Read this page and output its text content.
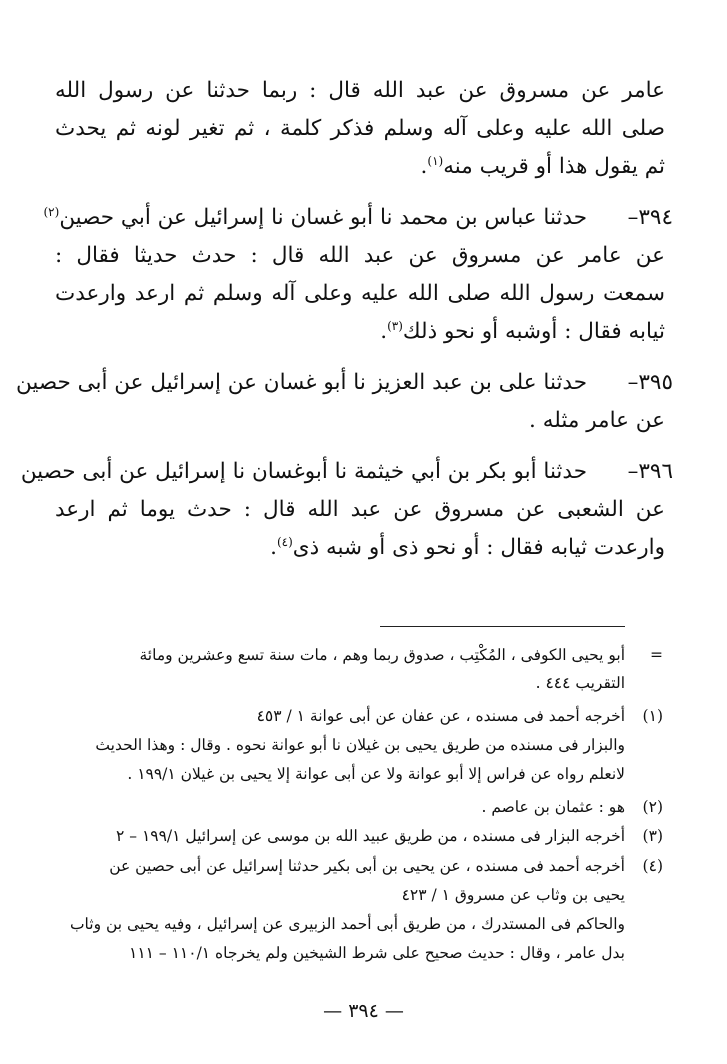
عامر عن مسروق عن عبد الله قال : ربما حدثنا عن رسول الله
صلى الله عليه وعلى آله وسلم فذكر كلمة ، ثم تغير لونه ثم يحدث
ثم يقول هذا أو قريب منه$^{(١)}$.
٣٩٤–
حدثنا عباس بن محمد نا أبو غسان نا إسرائيل عن أبي حصين$^{(٢)}$
عن عامر عن مسروق عن عبد الله قال : حدث حديثا فقال :
سمعت رسول الله صلى الله عليه وعلى آله وسلم ثم ارعد وارعدت
ثيابه فقال : أوشبه أو نحو ذلك$^{(٣)}$.
٣٩٥–
حدثنا على بن عبد العزيز نا أبو غسان عن إسرائيل عن أبى حصين
عن عامر مثله .
٣٩٦–
حدثنا أبو بكر بن أبي خيثمة نا أبوغسان نا إسرائيل عن أبى حصين
عن الشعبى عن مسروق عن عبد الله قال : حدث يوما ثم ارعد
وارعدت ثيابه فقال : أو نحو ذى أو شبه ذى$^{(٤)}$.
=
أبو يحيى الكوفى ، المُكْتِب ، صدوق ربما وهم ، مات سنة تسع وعشرين ومائة
التقريب ٤٤٤ .
(١)
أخرجه أحمد فى مسنده ، عن عفان عن أبى عوانة ١ / ٤٥٣
والبزار فى مسنده من طريق يحيى بن غيلان نا أبو عوانة نحوه . وقال : وهذا الحديث
لانعلم رواه عن فراس إلا أبو عوانة ولا عن أبى عوانة إلا يحيى بن غيلان ١٩٩/١ .
(٢)
هو : عثمان بن عاصم .
(٣)
أخرجه البزار فى مسنده ، من طريق عبيد الله بن موسى عن إسرائيل ١٩٩/١ – ٢
(٤)
أخرجه أحمد فى مسنده ، عن يحيى بن أبى بكير حدثنا إسرائيل عن أبى حصين عن
يحيى بن وثاب عن مسروق ١ / ٤٢٣
والحاكم فى المستدرك ، من طريق أبى أحمد الزبيرى عن إسرائيل ، وفيه يحيى بن وثاب
بدل عامر ، وقال : حديث صحيح على شرط الشيخين ولم يخرجاه ١١٠/١ – ١١١
— ٣٩٤ —
